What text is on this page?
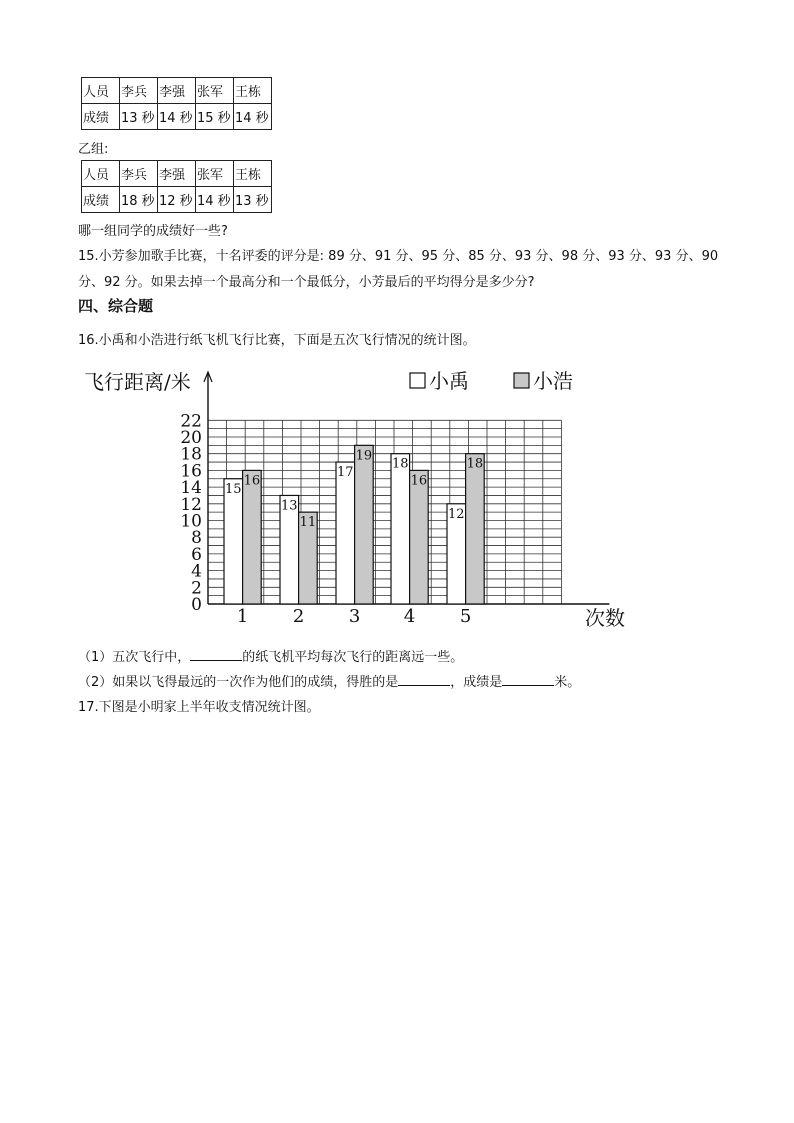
人员	李兵	李强	张军	王栋
成绩	13 秒	14 秒	15 秒	14 秒
乙组:
人员	李兵	李强	张军	王栋
成绩	18 秒	12 秒	14 秒	13 秒
哪一组同学的成绩好一些?
15.小芳参加歌手比赛，十名评委的评分是: 89 分、91 分、95 分、85 分、93 分、98 分、93 分、93 分、90
分、92 分。如果去掉一个最高分和一个最低分，小芳最后的平均得分是多少分?
四、综合题
16.小禹和小浩进行纸飞机飞行比赛，下面是五次飞行情况的统计图。
0
2
4
6
8
10
12
14
16
18
20
22
飞行距离/米
次数
15
16
1
13
11
2
17
19
3
18
16
4
12
18
5
小禹	小浩
（1）五次飞行中，	的纸飞机平均每次飞行的距离远一些。
（2）如果以飞得最远的一次作为他们的成绩，得胜的是	，成绩是	米。
17.下图是小明家上半年收支情况统计图。
